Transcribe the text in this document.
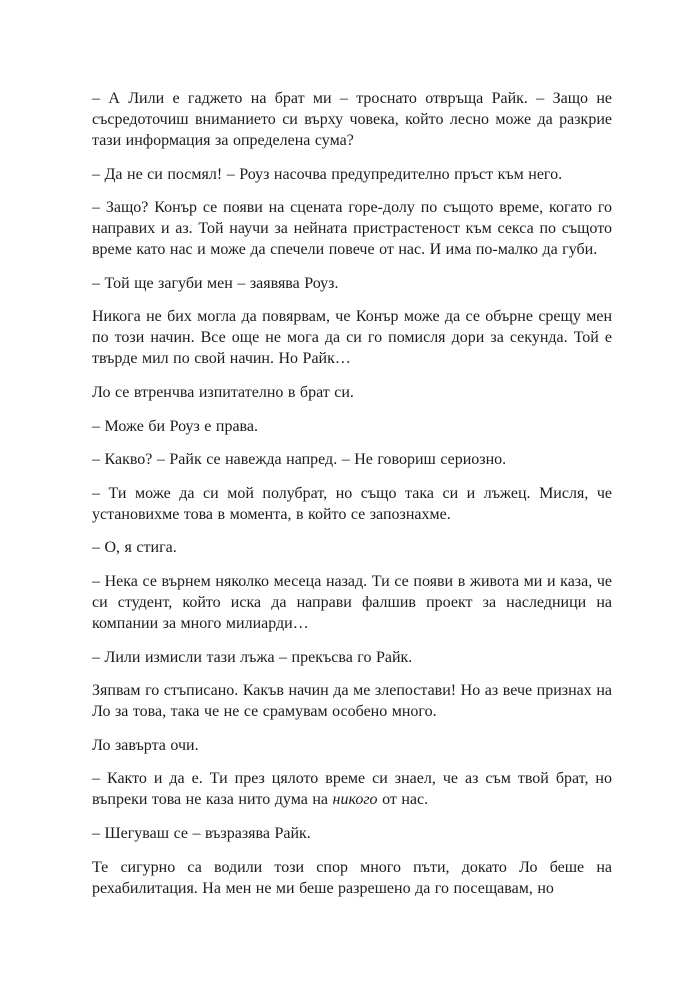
– А Лили е гаджето на брат ми – троснато отвръща Райк. – Защо не съсредоточиш вниманието си върху човека, който лесно може да разкрие тази информация за определена сума?

– Да не си посмял! – Роуз насочва предупредително пръст към него.

– Защо? Конър се появи на сцената горе-долу по същото време, когато го направих и аз. Той научи за нейната пристрастеност към секса по същото време като нас и може да спечели повече от нас. И има по-малко да губи.

– Той ще загуби мен – заявява Роуз.

Никога не бих могла да повярвам, че Конър може да се обърне срещу мен по този начин. Все още не мога да си го помисля дори за секунда. Той е твърде мил по свой начин. Но Райк…

Ло се втренчва изпитателно в брат си.

– Може би Роуз е права.

– Какво? – Райк се навежда напред. – Не говориш сериозно.

– Ти може да си мой полубрат, но също така си и лъжец. Мисля, че установихме това в момента, в който се запознахме.

– О, я стига.

– Нека се върнем няколко месеца назад. Ти се появи в живота ми и каза, че си студент, който иска да направи фалшив проект за наследници на компании за много милиарди…

– Лили измисли тази лъжа – прекъсва го Райк.

Зяпвам го стъписано. Какъв начин да ме злепостави! Но аз вече признах на Ло за това, така че не се срамувам особено много.

Ло завърта очи.

– Както и да е. Ти през цялото време си знаел, че аз съм твой брат, но въпреки това не каза нито дума на никого от нас.

– Шегуваш се – възразява Райк.

Те сигурно са водили този спор много пъти, докато Ло беше на рехабилитация. На мен не ми беше разрешено да го посещавам, но
